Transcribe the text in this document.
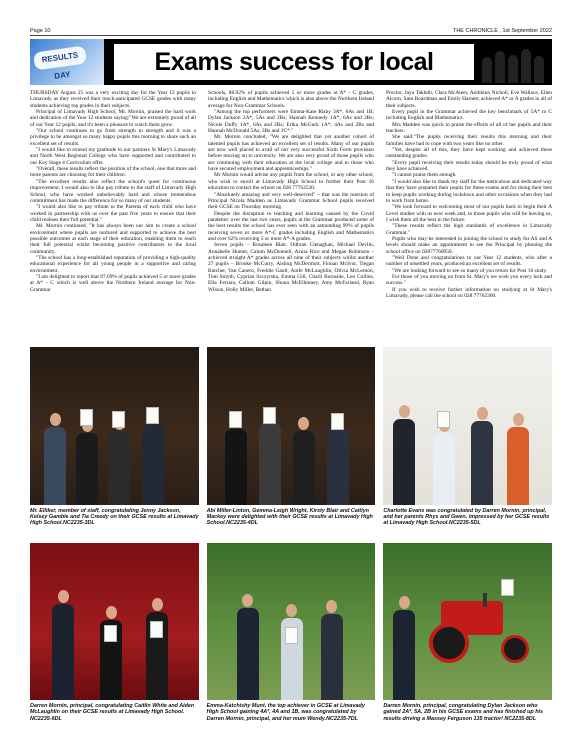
Page 10	THE CHRONICLE , 1st September 2022
RESULTS DAY	Exams success for local

THURSDAY August 25 was a very exciting day for the Year 12 pupils in Limavady as they received their much-anticipated GCSE grades with many students achieving top grades in their subjects.

Principal of Limavady High School, Mr. Mornin, praised the hard work and dedication of the Year 12 students saying:"We are extremely proud of all of our Year 12 pupils, and it's been a pleasure to watch them grow.

"Our school continues to go from strength to strength and it was a privilege to be amongst so many happy pupils this morning to share such an excellent set of results.

"I would like to extend my gratitude to our partners St Mary's Limavady and North West Regional College who have supported and contributed to our Key Stage 4 Curriculum offer.

"Overall, these results reflect the position of the school, one that more and more parents are choosing for their children.

"The excellent results also reflect the school's quest for continuous improvement. I would also to like pay tribute to the staff of Limavady High School, who have worked unbelievably hard and whose tremendous commitment has made the difference for so many of our students.

"I would also like to pay tribute to the Parents of each child who have worked in partnership with us over the past five years to ensure that their child realises their full potential."

Mr. Mornin continued, "It has always been our aim to create a school environment where pupils are nurtured and supported to achieve the best possible outcomes at each stage of their education, enabling them to reach their full potential whilst becoming positive contributors to the local community.

"The school has a long-established reputation of providing a high-quality educational experience for all young people in a supportive and caring environment.

"I am delighted to report that 97.69% of pupils achieved 5 or more grades at A* - C which is well above the Northern Ireland average for Non-Grammar

Schools, 86.92% of pupils achieved 5 or more grades at A* - C grades, including English and Mathematics which is also above the Northern Ireland average for Non-Grammar Schools.

"Among the top performers were Emma-Kate Risby 3A*, 6As and 1B; Dylan Jackson 2A*, 5As and 2Bs; Hannah Kennedy 1A*, 6As and 2Bs; Nicole Duffy 1A*, 6As and 2Bs; Erika McGurk 1A*, 4As and 2Bs and Hannah McDonald 5As, 3Bs and 1C*."

Mr. Mornin concluded, "We are delighted that yet another cohort of talented pupils has achieved an excellent set of results. Many of our pupils are now well placed to avail of our very successful Sixth Form provision before moving on to university. We are also very proud of those pupils who are continuing with their education at the local college and to those who have secured employment and apprenticeships."

Mr Mornin would advise any pupils from the school, or any other school, who wish to enroll at Limavady High School to further their Post 16 education to contact the school on 028 77762520.

"Absolutely amazing and very well-deserved" – that was the reaction of Principal Nicola Madden as Limavady Grammar School pupils received their GCSE on Thursday morning.

Despite the disruption to teaching and learning caused by the Covid pandemic over the last two years, pupils at the Grammar produced some of the best results the school has ever seen with an astounding 99% of pupils receiving seven or more A*-C grades including English and Mathematics and over 62% receiving 5 or more A*-A grades.

Seven pupils – Rosaleen Blair, Odhran Clenaghan, Michael Devlin, Annabelle Hunter, Calum McDonnell, Azura Rice and Megan Robinson – achieved straight A* grades across all nine of their subjects whilst another 27 pupils – Brooke McCurry, Aisling McDermott, Finnan McIvor, Tiegan Butcher, Van Canero, Freddie Gault, Aoife McLaughlin, Olivia McLernon, Tom Smyth, Cyprian Szczyrska, Emma Gill, Charli Burnside, Leo Collins, Ella Ferrara, Callum Gilpin, Shona McElhinney, Amy McFarland, Ryan Wilson, Holly Miller, Bethan

Proctor, Jaya Takhdir, Clara McAteer, Aoibhinn Nicholl, Eve Wallace, Ellen Alcorn, Sam Boardman and Emily Harnett, achieved A* or A grades in all of their subjects.

Every pupil in the Grammar achieved the key benchmark of 5A* to C including English and Mathematics.

Mrs Madden was quick to praise the efforts of all of her pupils and their teachers.

She said:"The pupils receiving their results this morning and their families have had to cope with two years like no other.

"Yet, despite all of this, they have kept working and achieved these outstanding grades.

"Every pupil receiving their results today should be truly proud of what they have achieved.

"I cannot praise them enough.

"I would also like to thank my staff for the meticulous and dedicated way that they have prepared their pupils for these exams and for doing their best to keep pupils working during lockdown and other occasions when they had to work from home.

"We look forward to welcoming most of our pupils back to begin their A Level studies with us next week and, to those pupils who will be leaving us, I wish them all the best in the future.

"These results reflect the high standards of excellence in Limavady Grammar."

Pupils who may be interested in joining the school to study for AS and A levels should make an appointment to see the Principal by phoning the school office on 02877760950.

"Well Done and congratulations to our Year 12 students, who after a number of unsettled years, produced an excellent set of results.

"We are looking forward to see so many of you return for Post 16 study.

For those of you moving on from St. Mary's we wish you every luck and success."

If you wish to receive further information on studying at St Mary's Limavady, please call the school on 028 77762360.

Mr. Elliker, member of staff, congratulating Jenny Jackson, Kelsey Gamble and Tia Creedy on their GCSE results at Limavady High School.NC2235-3DL
Abi Miller-Linton, Gemma-Leigh Wright, Kirsty Blair and Caitlyn Mackey were delighted with their GCSE results at Limavady High School.NC2235-4DL
Charlotte Evans was congratulated by Darren Mornin, principal, and her parents Rhys and Gwen, impressed by her GCSE results at Limavady High School.NC2235-5DL
Darren Mornin, principal, congratulating Caitlin White and Aiden McLaughlin on their GCSE results at Limavady High School. NC2235-6DL
Emma-Katchishy Munt, the top achiever in GCSE at Limavady High School gaining 4A*, 4A and 1B, was congratulated by Darren Mornin, principal, and her mum Wendy.NC2235-7DL
Darren Mornin, principal, congratulating Dylan Jackson who gained 2A*, 5A, 2B in his GCSE exams and has finished up his results driving a Massey Ferguson 135 tractor! NC2235-8DL
